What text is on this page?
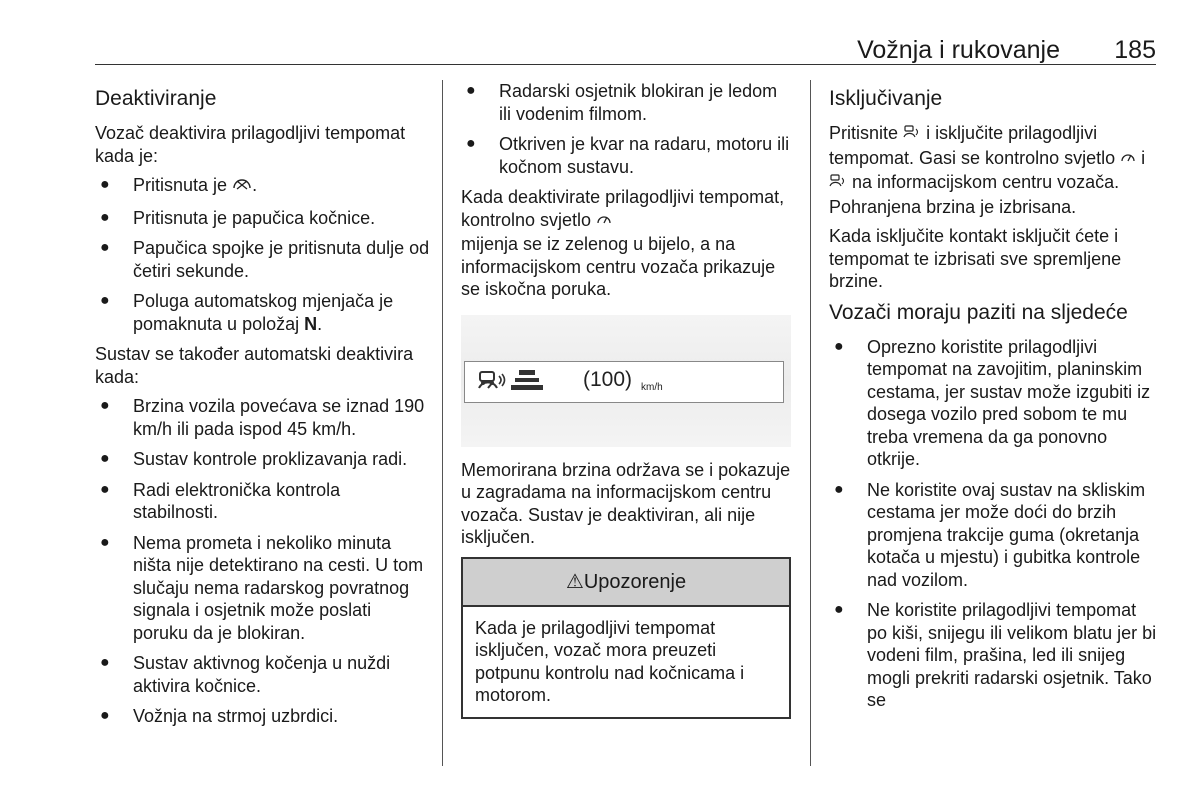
Vožnja i rukovanje 185
Deaktiviranje

Vozač deaktivira prilagodljivi tempomat kada je:

● Pritisnuta je .
● Pritisnuta je papučica kočnice.
● Papučica spojke je pritisnuta dulje od četiri sekunde.
● Poluga automatskog mjenjača je pomaknuta u položaj N.

Sustav se također automatski deaktivira kada:

● Brzina vozila povećava se iznad 190 km/h ili pada ispod 45 km/h.
● Sustav kontrole proklizavanja radi.
● Radi elektronička kontrola stabilnosti.
● Nema prometa i nekoliko minuta ništa nije detektirano na cesti. U tom slučaju nema radarskog povratnog signala i osjetnik može poslati poruku da je blokiran.
● Sustav aktivnog kočenja u nuždi aktivira kočnice.
● Vožnja na strmoj uzbrdici.
● Radarski osjetnik blokiran je ledom ili vodenim filmom.
● Otkriven je kvar na radaru, motoru ili kočnom sustavu.

Kada deaktivirate prilagodljivi tempomat, kontrolno svjetlo
mijenja se iz zelenog u bijelo, a na informacijskom centru vozača prikazuje se iskočna poruka.

(100) km/h

Memorirana brzina održava se i pokazuje u zagradama na informacijskom centru vozača. Sustav je deaktiviran, ali nije isključen.

⚠Upozorenje
Kada je prilagodljivi tempomat isključen, vozač mora preuzeti potpunu kontrolu nad kočnicama i motorom.
Isključivanje

Pritisnite i isključite prilagodljivi tempomat. Gasi se kontrolno svjetlo i  na informacijskom centru vozača. Pohranjena brzina je izbrisana.

Kada isključite kontakt isključit ćete i tempomat te izbrisati sve spremljene brzine.

Vozači moraju paziti na sljedeće
● Oprezno koristite prilagodljivi tempomat na zavojitim, planinskim cestama, jer sustav može izgubiti iz dosega vozilo pred sobom te mu treba vremena da ga ponovno otkrije.
● Ne koristite ovaj sustav na skliskim cestama jer može doći do brzih promjena trakcije guma (okretanja kotača u mjestu) i gubitka kontrole nad vozilom.
● Ne koristite prilagodljivi tempomat po kiši, snijegu ili velikom blatu jer bi vodeni film, prašina, led ili snijeg mogli prekriti radarski osjetnik. Tako se
